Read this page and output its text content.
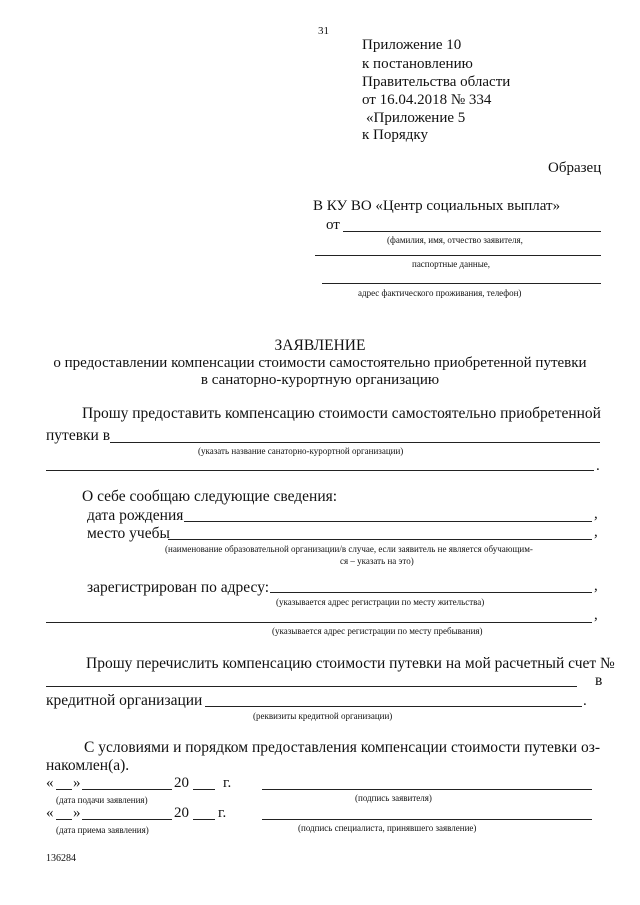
31
Приложение 10
к постановлению
Правительства области
от 16.04.2018 № 334
«Приложение 5
к Порядку
Образец
В КУ ВО «Центр социальных выплат»
от
(фамилия, имя, отчество заявителя,
паспортные данные,
адрес фактического проживания, телефон)
ЗАЯВЛЕНИЕ
о предоставлении компенсации стоимости самостоятельно приобретенной путевки
в санаторно-курортную организацию
Прошу предоставить компенсацию стоимости самостоятельно приобретенной
путевки в
(указать название санаторно-курортной организации)
.
О себе сообщаю следующие сведения:
дата рождения	,
место учебы	,
(наименование образовательной организации/в случае, если заявитель не является обучающим-
ся – указать на это)
зарегистрирован по адресу:	,
(указывается адрес регистрации по месту жительства)
,
(указывается адрес регистрации по месту пребывания)
Прошу перечислить компенсацию стоимости путевки на мой расчетный счет №
в
кредитной организации	.
(реквизиты кредитной организации)
С условиями и порядком предоставления компенсации стоимости путевки оз-
накомлен(а).
« »	20 г.
(дата подачи заявления)	(подпись заявителя)
« »	20 г.
(дата приема заявления)	(подпись специалиста, принявшего заявление)
136284
